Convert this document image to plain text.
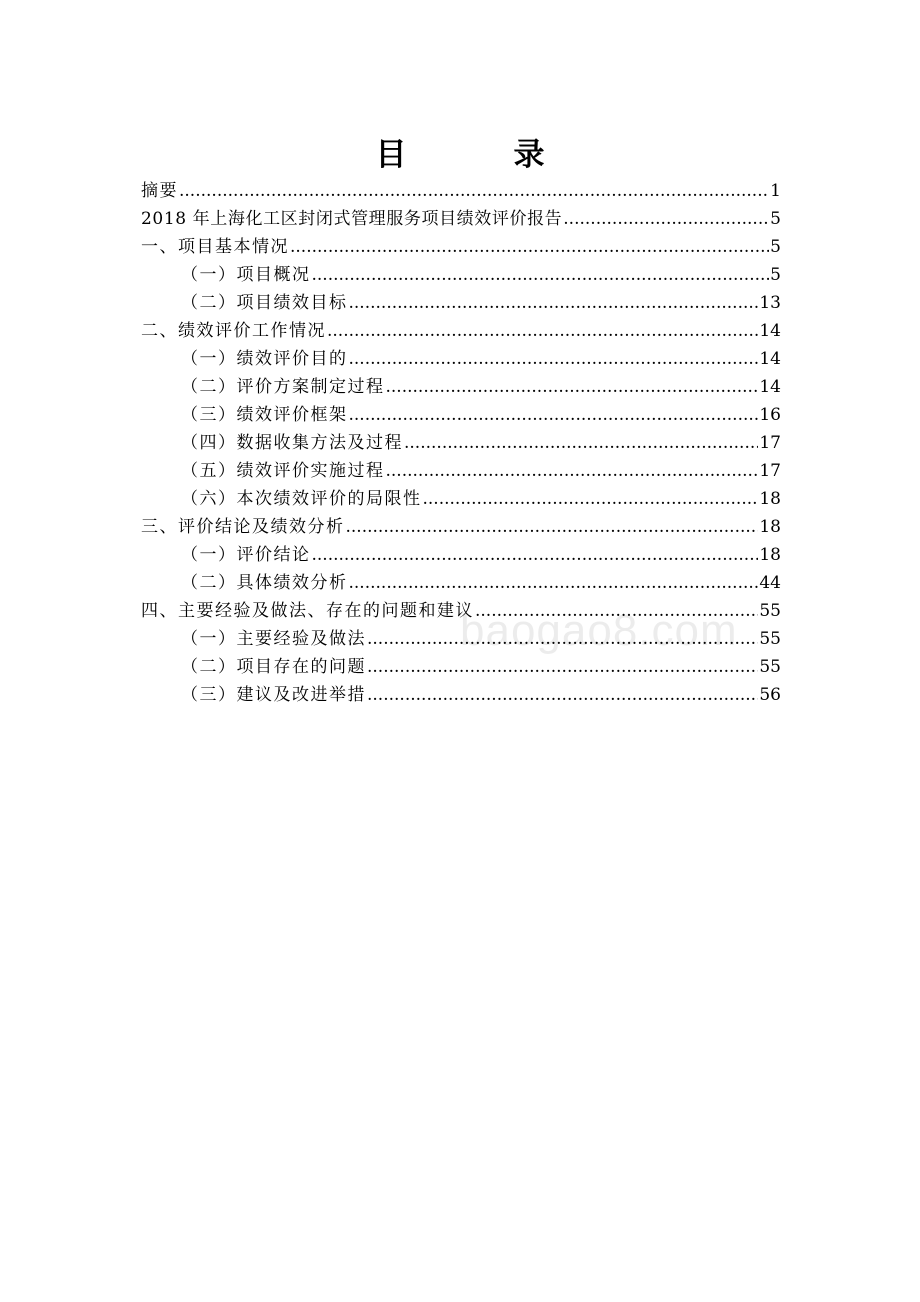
目　录
摘要 .....	1
2018 年上海化工区封闭式管理服务项目绩效评价报告 .....	5
一、项目基本情况 .....	5
（一）项目概况 .....	5
（二）项目绩效目标 .....	13
二、绩效评价工作情况 .....	14
（一）绩效评价目的 .....	14
（二）评价方案制定过程 .....	14
（三）绩效评价框架 .....	16
（四）数据收集方法及过程 .....	17
（五）绩效评价实施过程 .....	17
（六）本次绩效评价的局限性 .....	18
三、评价结论及绩效分析 .....	18
（一）评价结论 .....	18
（二）具体绩效分析 .....	44
四、主要经验及做法、存在的问题和建议 .....	55
（一）主要经验及做法 .....	55
（二）项目存在的问题 .....	55
（三）建议及改进举措 .....	56
baogao8.com
